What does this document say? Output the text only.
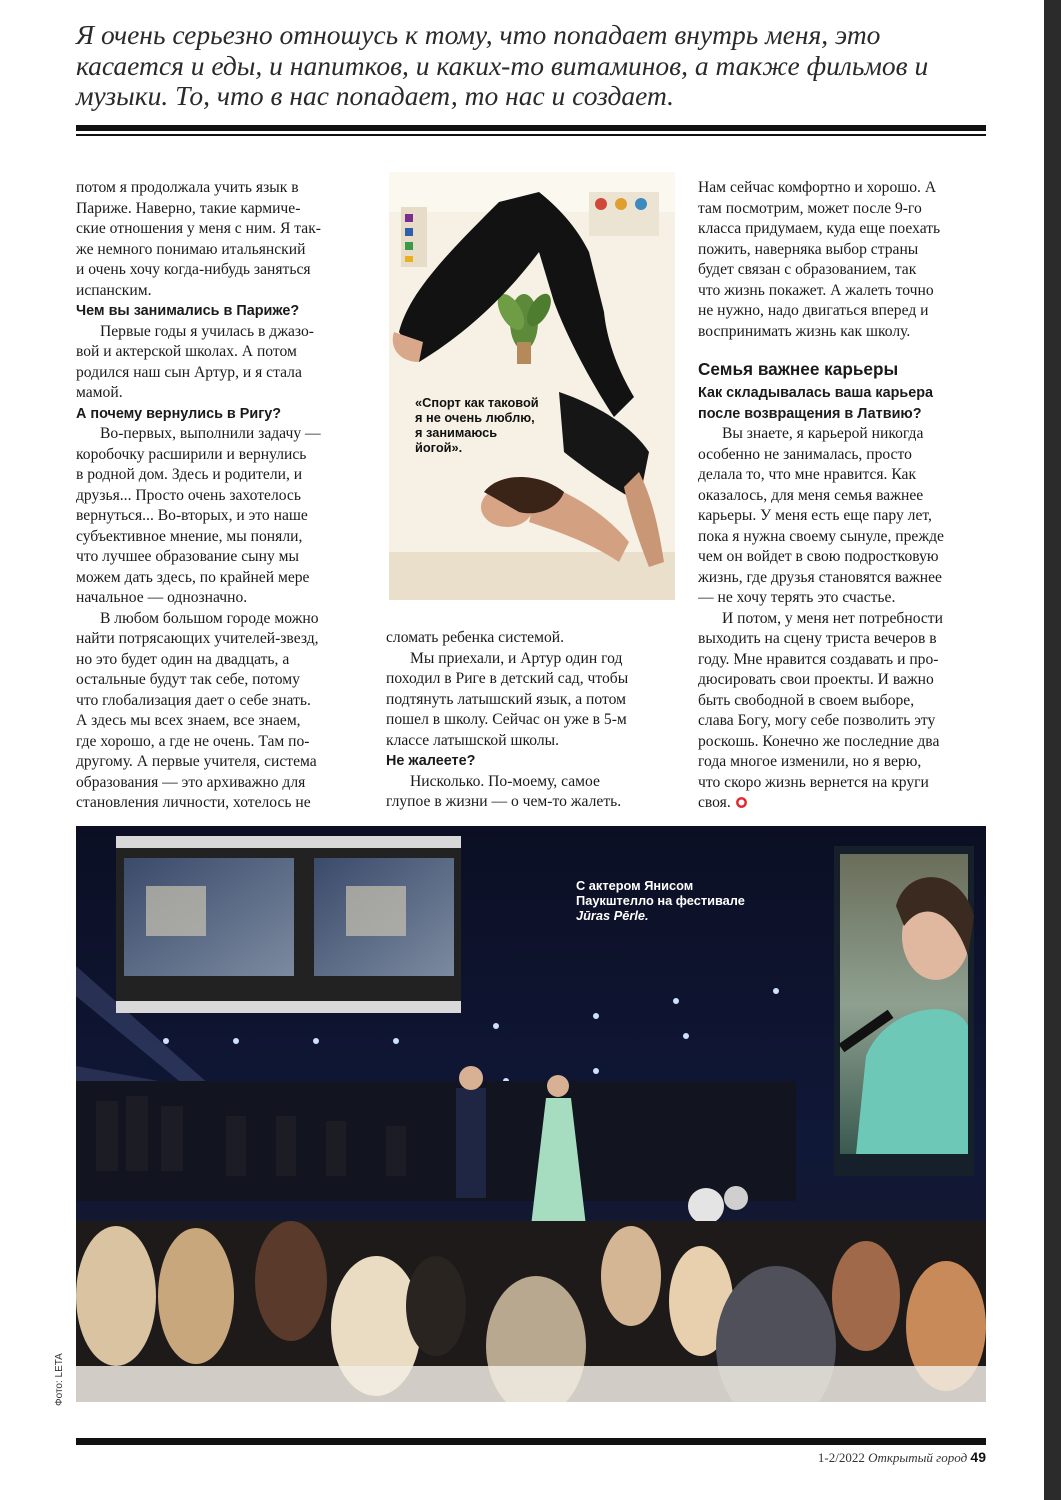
Я очень серьезно отношусь к тому, что попадает внутрь меня, это
касается и еды, и напитков, и каких-то витаминов, а также фильмов и
музыки. То, что в нас попадает, то нас и создает.
потом я продолжала учить язык в
Париже. Наверно, такие кармиче-
ские отношения у меня с ним. Я так-
же немного понимаю итальянский
и очень хочу когда-нибудь заняться
испанским.
Чем вы занимались в Париже?
Первые годы я училась в джазо-
вой и актерской школах. А потом
родился наш сын Артур, и я стала
мамой.
А почему вернулись в Ригу?
Во-первых, выполнили задачу —
коробочку расширили и вернулись
в родной дом. Здесь и родители, и
друзья... Просто очень захотелось
вернуться... Во-вторых, и это наше
субъективное мнение, мы поняли,
что лучшее образование сыну мы
можем дать здесь, по крайней мере
начальное — однозначно.
В любом большом городе можно
найти потрясающих учителей-звезд,
но это будет один на двадцать, а
остальные будут так себе, потому
что глобализация дает о себе знать.
А здесь мы всех знаем, все знаем,
где хорошо, а где не очень. Там по-
другому. А первые учителя, система
образования — это архиважно для
становления личности, хотелось не
«Спорт как таковой
я не очень люблю,
я занимаюсь
йогой».
сломать ребенка системой.
Мы приехали, и Артур один год
походил в Риге в детский сад, чтобы
подтянуть латышский язык, а потом
пошел в школу. Сейчас он уже в 5-м
классе латышской школы.
Не жалеете?
Нисколько. По-моему, самое
глупое в жизни — о чем-то жалеть.
Нам сейчас комфортно и хорошо. А
там посмотрим, может после 9-го
класса придумаем, куда еще поехать
пожить, наверняка выбор страны
будет связан с образованием, так
что жизнь покажет. А жалеть точно
не нужно, надо двигаться вперед и
воспринимать жизнь как школу.
Семья важнее карьеры
Как складывалась ваша карьера
после возвращения в Латвию?
Вы знаете, я карьерой никогда
особенно не занималась, просто
делала то, что мне нравится. Как
оказалось, для меня семья важнее
карьеры. У меня есть еще пару лет,
пока я нужна своему сынуле, прежде
чем он войдет в свою подростковую
жизнь, где друзья становятся важнее
— не хочу терять это счастье.
И потом, у меня нет потребности
выходить на сцену триста вечеров в
году. Мне нравится создавать и про-
дюсировать свои проекты. И важно
быть свободной в своем выборе,
слава Богу, могу себе позволить эту
роскошь. Конечно же последние два
года многое изменили, но я верю,
что скоро жизнь вернется на круги
своя.
С актером Янисом
Паукштелло на фестивале
Jūras Pērle.
Фото: LETA
1-2/2022 Открытый город 49
